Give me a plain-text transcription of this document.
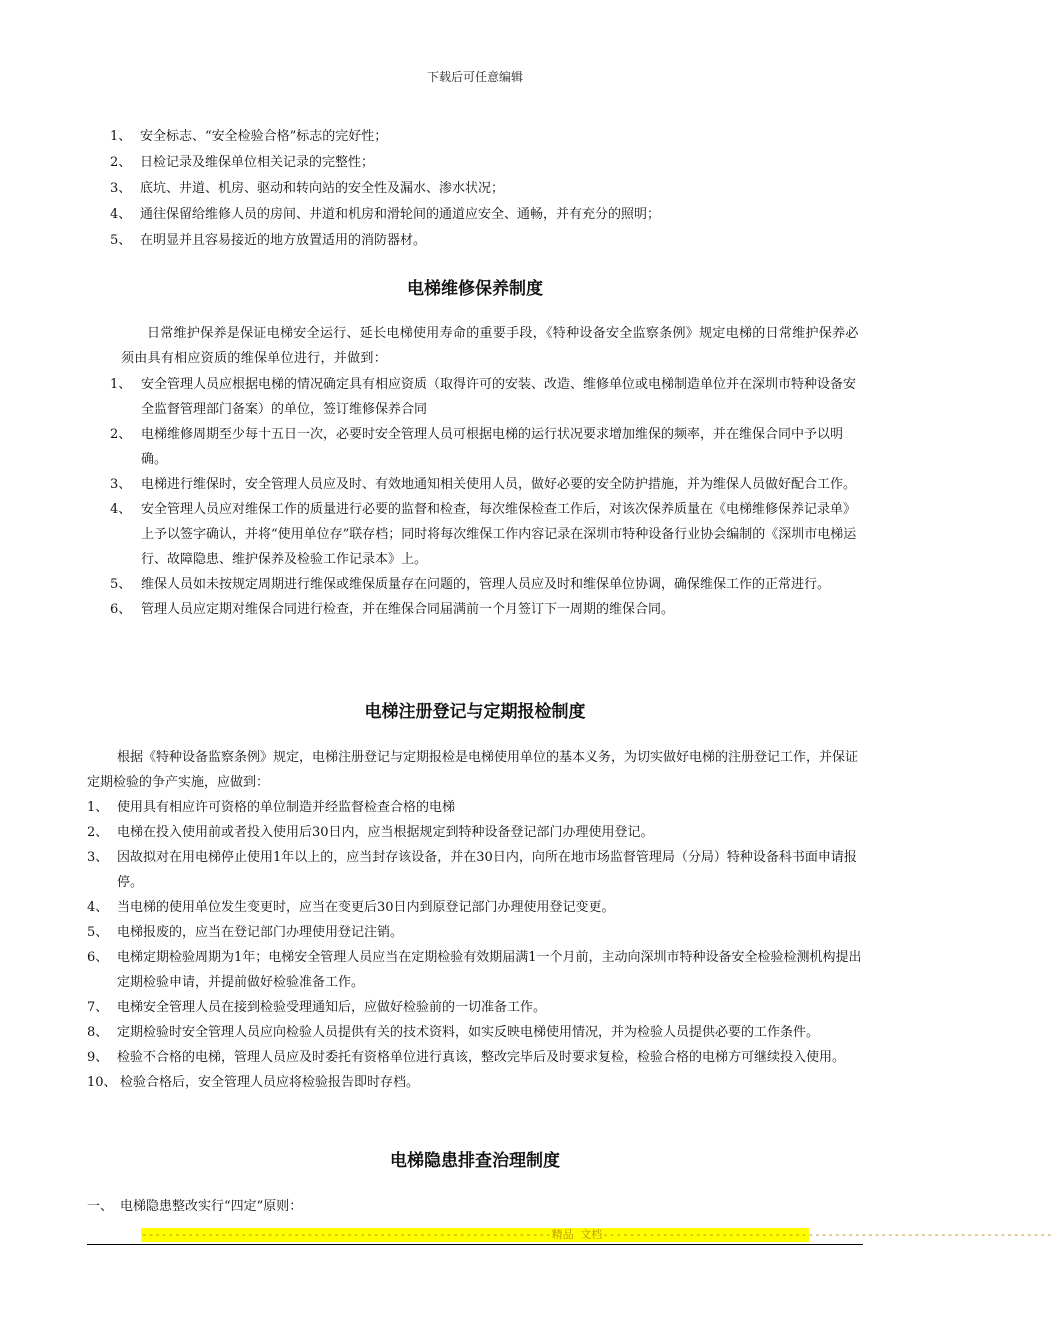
下载后可任意编辑
1、 安全标志、“安全检验合格”标志的完好性；
2、 日检记录及维保单位相关记录的完整性；
3、 底坑、井道、机房、驱动和转向站的安全性及漏水、渗水状况；
4、 通往保留给维修人员的房间、井道和机房和滑轮间的通道应安全、通畅，并有充分的照明；
5、 在明显并且容易接近的地方放置适用的消防器材。
电梯维修保养制度

日常维护保养是保证电梯安全运行、延长电梯使用寿命的重要手段，《特种设备安全监察条例》规定电梯的日常维护保养必须由具有相应资质的维保单位进行，并做到：

1、 安全管理人员应根据电梯的情况确定具有相应资质（取得许可的安装、改造、维修单位或电梯制造单位并在深圳市特种设备安全监督管理部门备案）的单位，签订维修保养合同
2、 电梯维修周期至少每十五日一次，必要时安全管理人员可根据电梯的运行状况要求增加维保的频率，并在维保合同中予以明确。
3、 电梯进行维保时，安全管理人员应及时、有效地通知相关使用人员，做好必要的安全防护措施，并为维保人员做好配合工作。
4、 安全管理人员应对维保工作的质量进行必要的监督和检查，每次维保检查工作后，对该次保养质量在《电梯维修保养记录单》上予以签字确认，并将“使用单位存”联存档；同时将每次维保工作内容记录在深圳市特种设备行业协会编制的《深圳市电梯运行、故障隐患、维护保养及检验工作记录本》上。
5、 维保人员如未按规定周期进行维保或维保质量存在问题的，管理人员应及时和维保单位协调，确保维保工作的正常进行。
6、 管理人员应定期对维保合同进行检查，并在维保合同届满前一个月签订下一周期的维保合同。
电梯注册登记与定期报检制度

根据《特种设备监察条例》规定，电梯注册登记与定期报检是电梯使用单位的基本义务，为切实做好电梯的注册登记工作，并保证定期检验的争产实施，应做到：

1、 使用具有相应许可资格的单位制造并经监督检查合格的电梯
2、 电梯在投入使用前或者投入使用后30日内，应当根据规定到特种设备登记部门办理使用登记。
3、 因故拟对在用电梯停止使用1年以上的，应当封存该设备，并在30日内，向所在地市场监督管理局（分局）特种设备科书面申请报停。
4、 当电梯的使用单位发生变更时，应当在变更后30日内到原登记部门办理使用登记变更。
5、 电梯报废的，应当在登记部门办理使用登记注销。
6、 电梯定期检验周期为1年；电梯安全管理人员应当在定期检验有效期届满1一个月前，主动向深圳市特种设备安全检验检测机构提出定期检验申请，并提前做好检验准备工作。
7、 电梯安全管理人员在接到检验受理通知后，应做好检验前的一切准备工作。
8、 定期检验时安全管理人员应向检验人员提供有关的技术资料，如实反映电梯使用情况，并为检验人员提供必要的工作条件。
9、 检验不合格的电梯，管理人员应及时委托有资格单位进行真该，整改完毕后及时要求复检，检验合格的电梯方可继续投入使用。
10、 检验合格后，安全管理人员应将检验报告即时存档。
电梯隐患排查治理制度
一、 电梯隐患整改实行“四定”原则：
--------------------------------------------------------------精品 文档--------------------------------------------------------------------
